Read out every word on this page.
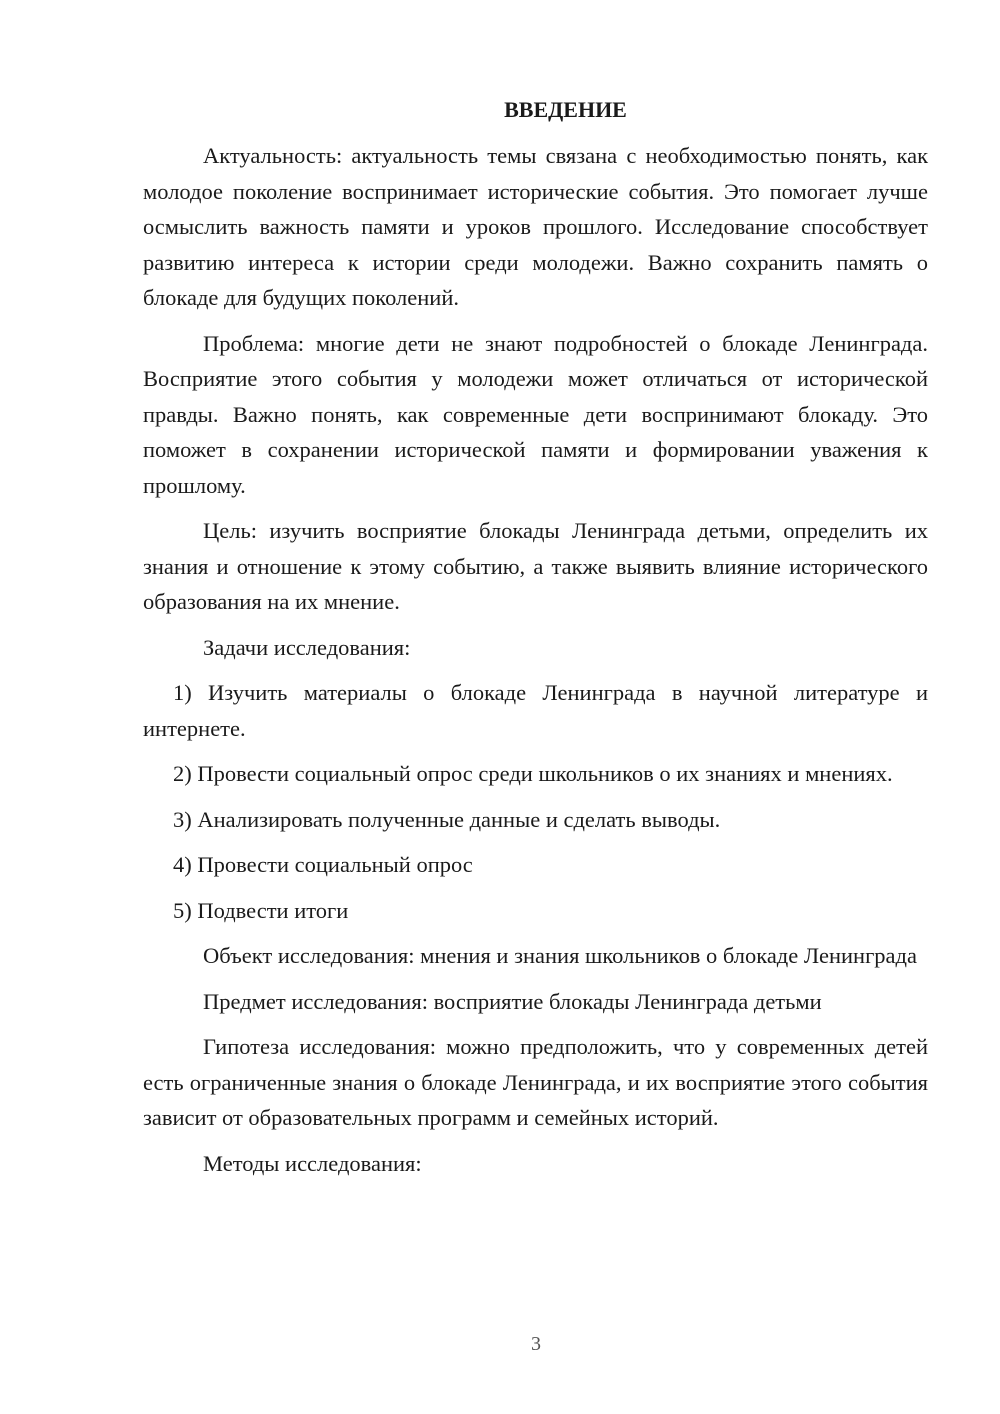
ВВЕДЕНИЕ

Актуальность: актуальность темы связана с необходимостью понять, как молодое поколение воспринимает исторические события. Это помогает лучше осмыслить важность памяти и уроков прошлого. Исследование способствует развитию интереса к истории среди молодежи. Важно сохранить память о блокаде для будущих поколений.

Проблема: многие дети не знают подробностей о блокаде Ленинграда. Восприятие этого события у молодежи может отличаться от исторической правды. Важно понять, как современные дети воспринимают блокаду. Это поможет в сохранении исторической памяти и формировании уважения к прошлому.

Цель: изучить восприятие блокады Ленинграда детьми, определить их знания и отношение к этому событию, а также выявить влияние исторического образования на их мнение.

Задачи исследования:

1) Изучить материалы о блокаде Ленинграда в научной литературе и интернете.

2) Провести социальный опрос среди школьников о их знаниях и мнениях.

3) Анализировать полученные данные и сделать выводы.

4) Провести социальный опрос

5) Подвести итоги

Объект исследования: мнения и знания школьников о блокаде Ленинграда

Предмет исследования: восприятие блокады Ленинграда детьми

Гипотеза исследования: можно предположить, что у современных детей есть ограниченные знания о блокаде Ленинграда, и их восприятие этого события зависит от образовательных программ и семейных историй.

Методы исследования:

3
